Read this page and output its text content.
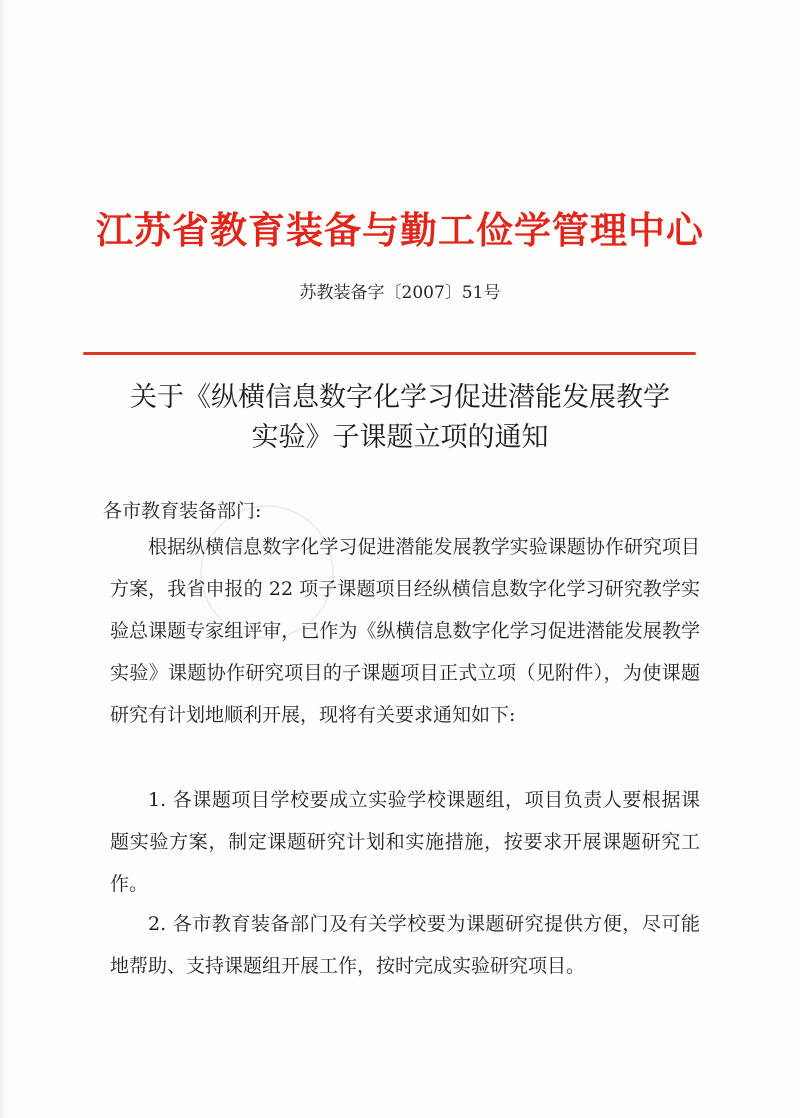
江苏省教育装备与勤工俭学管理中心
苏教装备字〔2007〕51号
关于《纵横信息数字化学习促进潜能发展教学
实验》子课题立项的通知
各市教育装备部门:

根据纵横信息数字化学习促进潜能发展教学实验课题协作研究项目方案，我省申报的 22 项子课题项目经纵横信息数字化学习研究教学实验总课题专家组评审，已作为《纵横信息数字化学习促进潜能发展教学实验》课题协作研究项目的子课题项目正式立项（见附件），为使课题研究有计划地顺利开展，现将有关要求通知如下:

1. 各课题项目学校要成立实验学校课题组，项目负责人要根据课题实验方案，制定课题研究计划和实施措施，按要求开展课题研究工作。

2. 各市教育装备部门及有关学校要为课题研究提供方便，尽可能地帮助、支持课题组开展工作，按时完成实验研究项目。
